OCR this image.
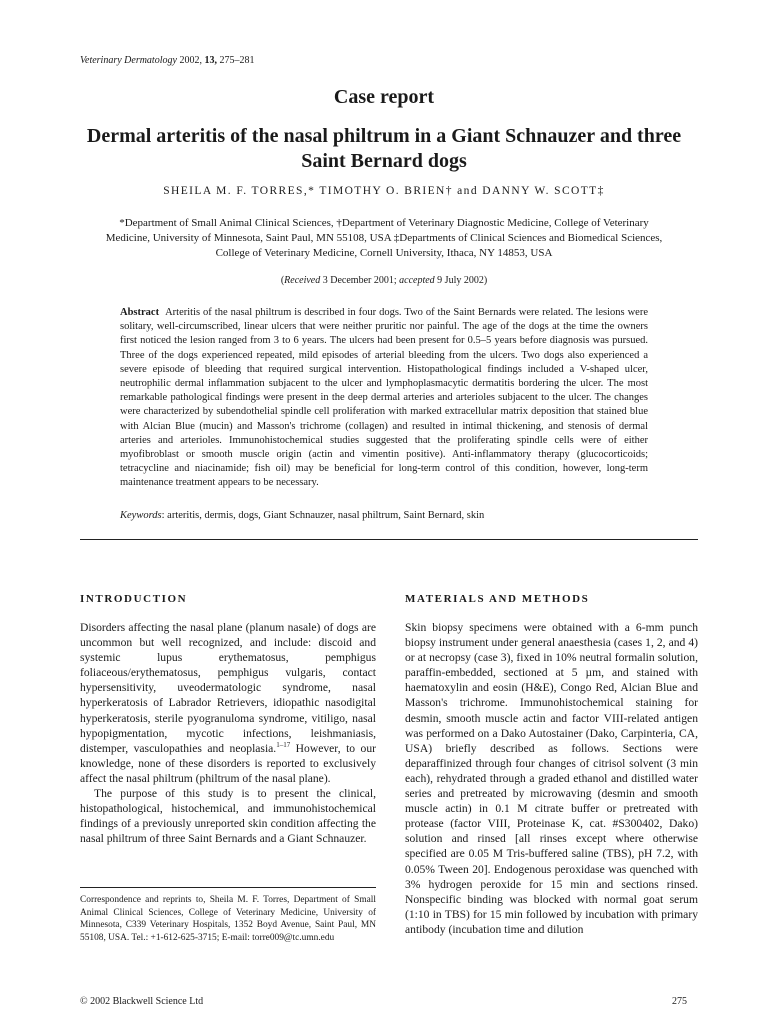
Veterinary Dermatology 2002, 13, 275–281
Case report
Dermal arteritis of the nasal philtrum in a Giant Schnauzer and three Saint Bernard dogs
SHEILA M. F. TORRES,* TIMOTHY O. BRIEN† and DANNY W. SCOTT‡
*Department of Small Animal Clinical Sciences, †Department of Veterinary Diagnostic Medicine, College of Veterinary Medicine, University of Minnesota, Saint Paul, MN 55108, USA ‡Departments of Clinical Sciences and Biomedical Sciences, College of Veterinary Medicine, Cornell University, Ithaca, NY 14853, USA
(Received 3 December 2001; accepted 9 July 2002)
Abstract Arteritis of the nasal philtrum is described in four dogs. Two of the Saint Bernards were related. The lesions were solitary, well-circumscribed, linear ulcers that were neither pruritic nor painful. The age of the dogs at the time the owners first noticed the lesion ranged from 3 to 6 years. The ulcers had been present for 0.5–5 years before diagnosis was pursued. Three of the dogs experienced repeated, mild episodes of arterial bleeding from the ulcers. Two dogs also experienced a severe episode of bleeding that required surgical intervention. Histopathological findings included a V-shaped ulcer, neutrophilic dermal inflammation subjacent to the ulcer and lymphoplasmacytic dermatitis bordering the ulcer. The most remarkable pathological findings were present in the deep dermal arteries and arterioles subjacent to the ulcer. The changes were characterized by subendothelial spindle cell proliferation with marked extracellular matrix deposition that stained blue with Alcian Blue (mucin) and Masson's trichrome (collagen) and resulted in intimal thickening, and stenosis of dermal arteries and arterioles. Immunohistochemical studies suggested that the proliferating spindle cells were of either myofibroblast or smooth muscle origin (actin and vimentin positive). Anti-inflammatory therapy (glucocorticoids; tetracycline and niacinamide; fish oil) may be beneficial for long-term control of this condition, however, long-term maintenance treatment appears to be necessary.
Keywords: arteritis, dermis, dogs, Giant Schnauzer, nasal philtrum, Saint Bernard, skin
INTRODUCTION	MATERIALS AND METHODS

Disorders affecting the nasal plane (planum nasale) of dogs are uncommon but well recognized, and include: discoid and systemic lupus erythematosus, pemphigus foliaceous/erythematosus, pemphigus vulgaris, contact hypersensitivity, uveodermatologic syndrome, nasal hyperkeratosis of Labrador Retrievers, idiopathic nasodigital hyperkeratosis, sterile pyogranuloma syndrome, vitiligo, nasal hypopigmentation, mycotic infections, leishmaniasis, distemper, vasculopathies and neoplasia.$^{1-17}$ However, to our knowledge, none of these disorders is reported to exclusively affect the nasal philtrum (philtrum of the nasal plane).

The purpose of this study is to present the clinical, histopathological, histochemical, and immunohistochemical findings of a previously unreported skin condition affecting the nasal philtrum of three Saint Bernards and a Giant Schnauzer.

Correspondence and reprints to, Sheila M. F. Torres, Department of Small Animal Clinical Sciences, College of Veterinary Medicine, University of Minnesota, C339 Veterinary Hospitals, 1352 Boyd Avenue, Saint Paul, MN 55108, USA. Tel.: +1-612-625-3715; E-mail: torre009@tc.umn.edu

Skin biopsy specimens were obtained with a 6-mm punch biopsy instrument under general anaesthesia (cases 1, 2, and 4) or at necropsy (case 3), fixed in 10% neutral formalin solution, paraffin-embedded, sectioned at 5 µm, and stained with haematoxylin and eosin (H&E), Congo Red, Alcian Blue and Masson's trichrome. Immunohistochemical staining for desmin, smooth muscle actin and factor VIII-related antigen was performed on a Dako Autostainer (Dako, Carpinteria, CA, USA) briefly described as follows. Sections were deparaffinized through four changes of citrisol solvent (3 min each), rehydrated through a graded ethanol and distilled water series and pretreated by microwaving (desmin and smooth muscle actin) in 0.1 M citrate buffer or pretreated with protease (factor VIII, Proteinase K, cat. #S300402, Dako) solution and rinsed [all rinses except where otherwise specified are 0.05 M Tris-buffered saline (TBS), pH 7.2, with 0.05% Tween 20]. Endogenous peroxidase was quenched with 3% hydrogen peroxide for 15 min and sections rinsed. Nonspecific binding was blocked with normal goat serum (1:10 in TBS) for 15 min followed by incubation with primary antibody (incubation time and dilution

© 2002 Blackwell Science Ltd	275
